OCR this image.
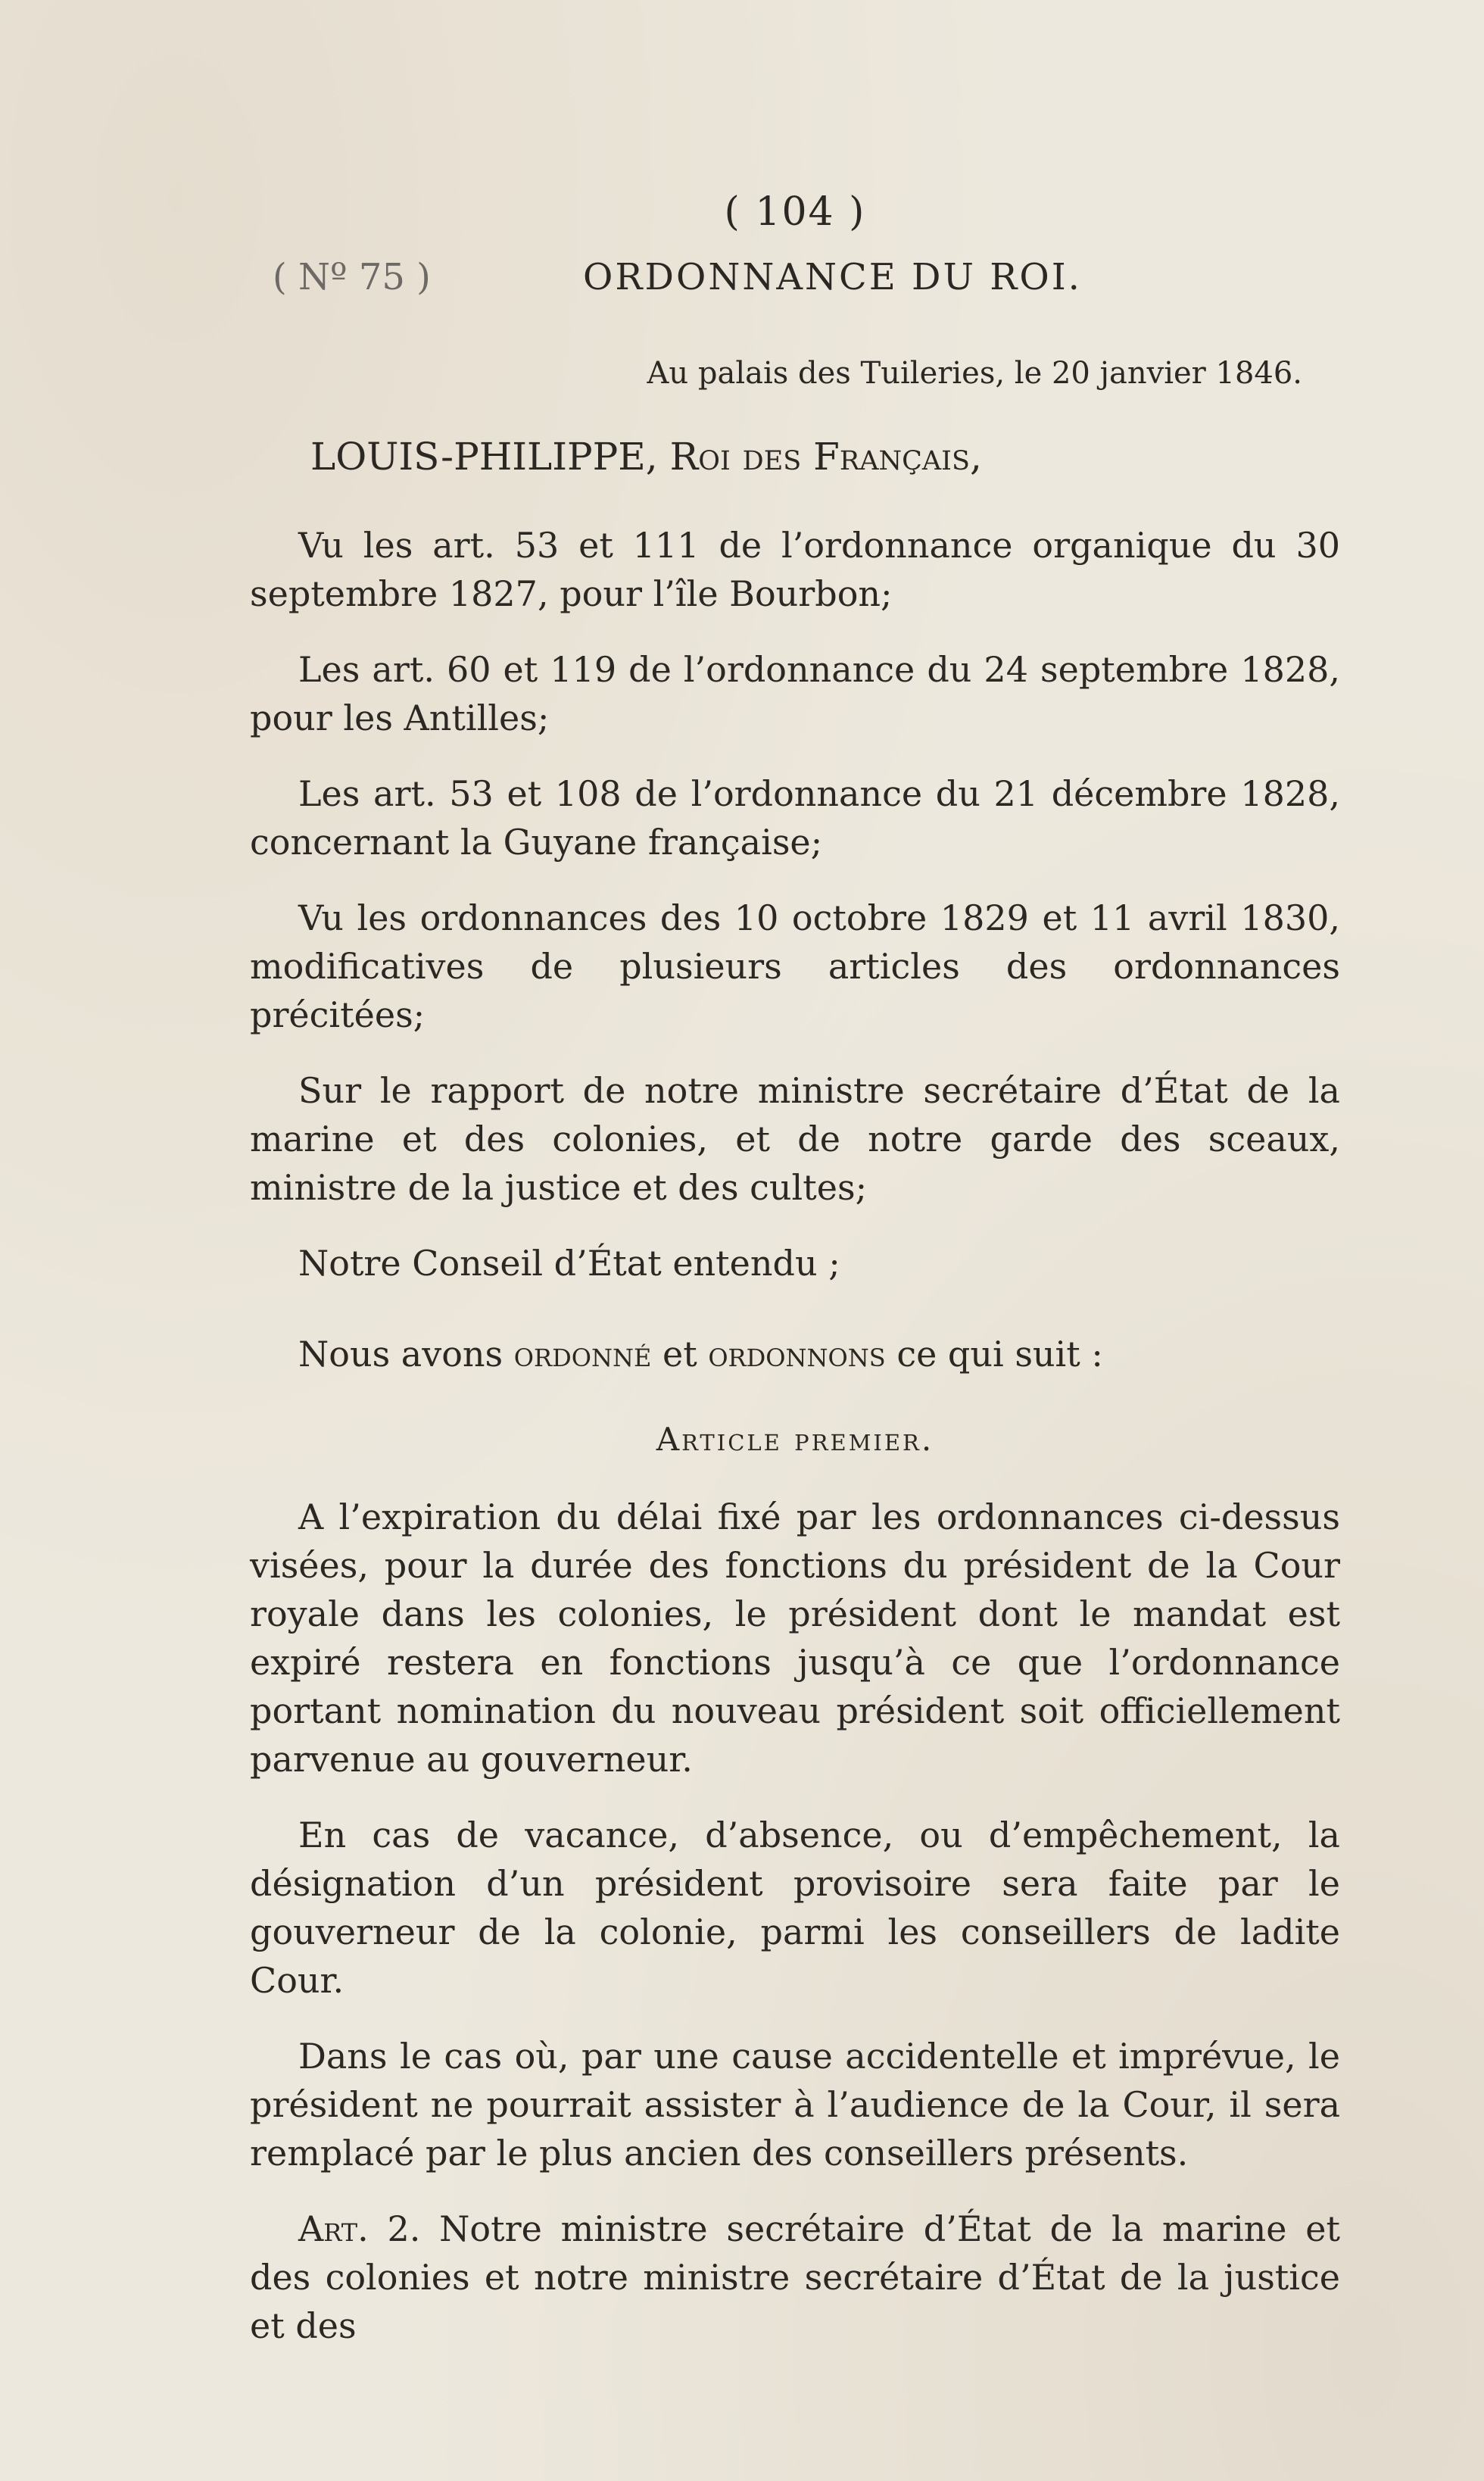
( 104 )
( Nº 75 )	ORDONNANCE DU ROI.
Au palais des Tuileries, le 20 janvier 1846.
LOUIS-PHILIPPE, Roi des Français,

Vu les art. 53 et 111 de l’ordonnance organique du 30 septembre 1827, pour l’île Bourbon;

Les art. 60 et 119 de l’ordonnance du 24 septembre 1828, pour les Antilles;

Les art. 53 et 108 de l’ordonnance du 21 décembre 1828, concernant la Guyane française;

Vu les ordonnances des 10 octobre 1829 et 11 avril 1830, modificatives de plusieurs articles des ordonnances précitées;

Sur le rapport de notre ministre secrétaire d’État de la marine et des colonies, et de notre garde des sceaux, ministre de la justice et des cultes;

Notre Conseil d’État entendu ;

Nous avons ordonné et ordonnons ce qui suit :

Article premier.

A l’expiration du délai fixé par les ordonnances ci-dessus visées, pour la durée des fonctions du président de la Cour royale dans les colonies, le président dont le mandat est expiré restera en fonctions jusqu’à ce que l’ordonnance portant nomination du nouveau président soit officiellement parvenue au gouverneur.

En cas de vacance, d’absence, ou d’empêchement, la désignation d’un président provisoire sera faite par le gouverneur de la colonie, parmi les conseillers de ladite Cour.

Dans le cas où, par une cause accidentelle et imprévue, le président ne pourrait assister à l’audience de la Cour, il sera remplacé par le plus ancien des conseillers présents.

Art. 2. Notre ministre secrétaire d’État de la marine et des colonies et notre ministre secrétaire d’État de la justice et des
